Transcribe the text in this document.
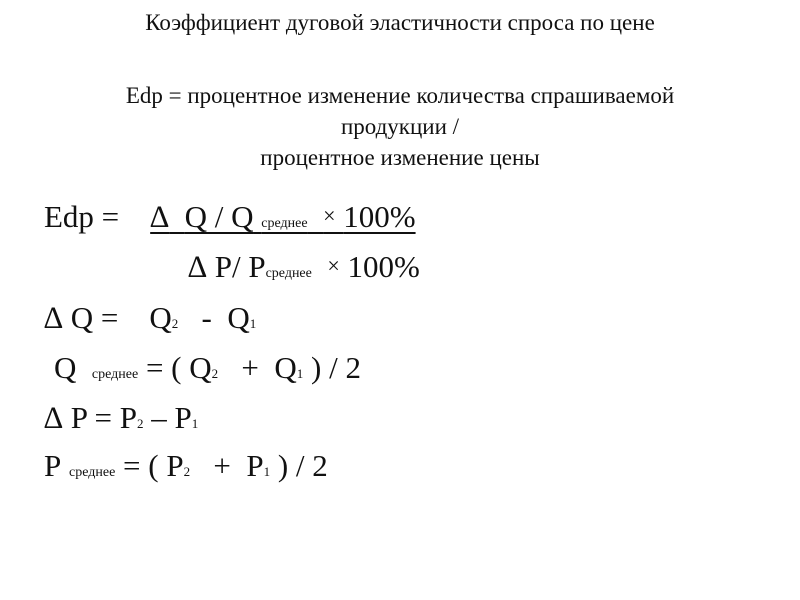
Коэффициент дуговой эластичности спроса по цене
Edp = процентное изменение количества спрашиваемой
продукции /
процентное изменение цены
Edp = ∆ Q / Q среднее × 100%
∆ P/ Pсреднее × 100%
∆ Q = Q2 - Q1
Q среднее = ( Q2 + Q1 ) / 2
∆ P = P2 – P1
P среднее = ( P2 + P1 ) / 2
